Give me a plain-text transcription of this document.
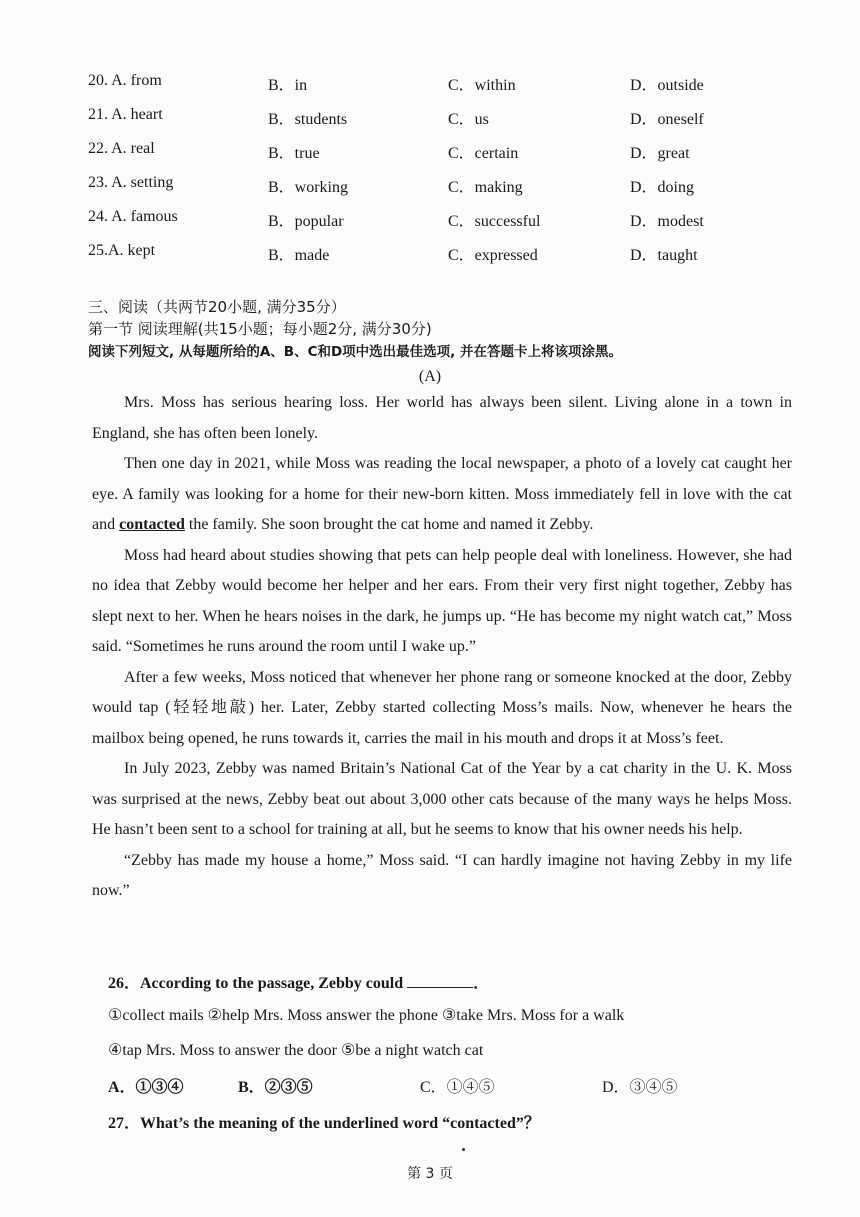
20. A. from	B．in	C．within	D．outside
21. A. heart	B．students	C．us	D．oneself
22. A. real	B．true	C．certain	D．great
23. A. setting	B．working	C．making	D．doing
24. A. famous	B．popular	C．successful	D．modest
25.A. kept	B．made	C．expressed	D．taught
三、阅读（共两节20小题, 满分35分）
第一节 阅读理解(共15小题；每小题2分, 满分30分)
阅读下列短文, 从每题所给的A、B、C和D项中选出最佳选项, 并在答题卡上将该项涂黑。
(A)

Mrs. Moss has serious hearing loss. Her world has always been silent. Living alone in a town in England, she has often been lonely.

Then one day in 2021, while Moss was reading the local newspaper, a photo of a lovely cat caught her eye. A family was looking for a home for their new-born kitten. Moss immediately fell in love with the cat and contacted the family. She soon brought the cat home and named it Zebby.

Moss had heard about studies showing that pets can help people deal with loneliness. However, she had no idea that Zebby would become her helper and her ears. From their very first night together, Zebby has slept next to her. When he hears noises in the dark, he jumps up. “He has become my night watch cat,” Moss said. “Sometimes he runs around the room until I wake up.”

After a few weeks, Moss noticed that whenever her phone rang or someone knocked at the door, Zebby would tap (轻轻地敲) her. Later, Zebby started collecting Moss’s mails. Now, whenever he hears the mailbox being opened, he runs towards it, carries the mail in his mouth and drops it at Moss’s feet.

In July 2023, Zebby was named Britain’s National Cat of the Year by a cat charity in the U. K. Moss was surprised at the news, Zebby beat out about 3,000 other cats because of the many ways he helps Moss. He hasn’t been sent to a school for training at all, but he seems to know that his owner needs his help.

“Zebby has made my house a home,” Moss said. “I can hardly imagine not having Zebby in my life now.”

26．According to the passage, Zebby could	．
①collect mails ②help Mrs. Moss answer the phone ③take Mrs. Moss for a walk
④tap Mrs. Moss to answer the door ⑤be a night watch cat
A．①③④	B．②③⑤	C．①④⑤	D．③④⑤
27．What’s the meaning of the underlined word “contacted”？
第 3 页
